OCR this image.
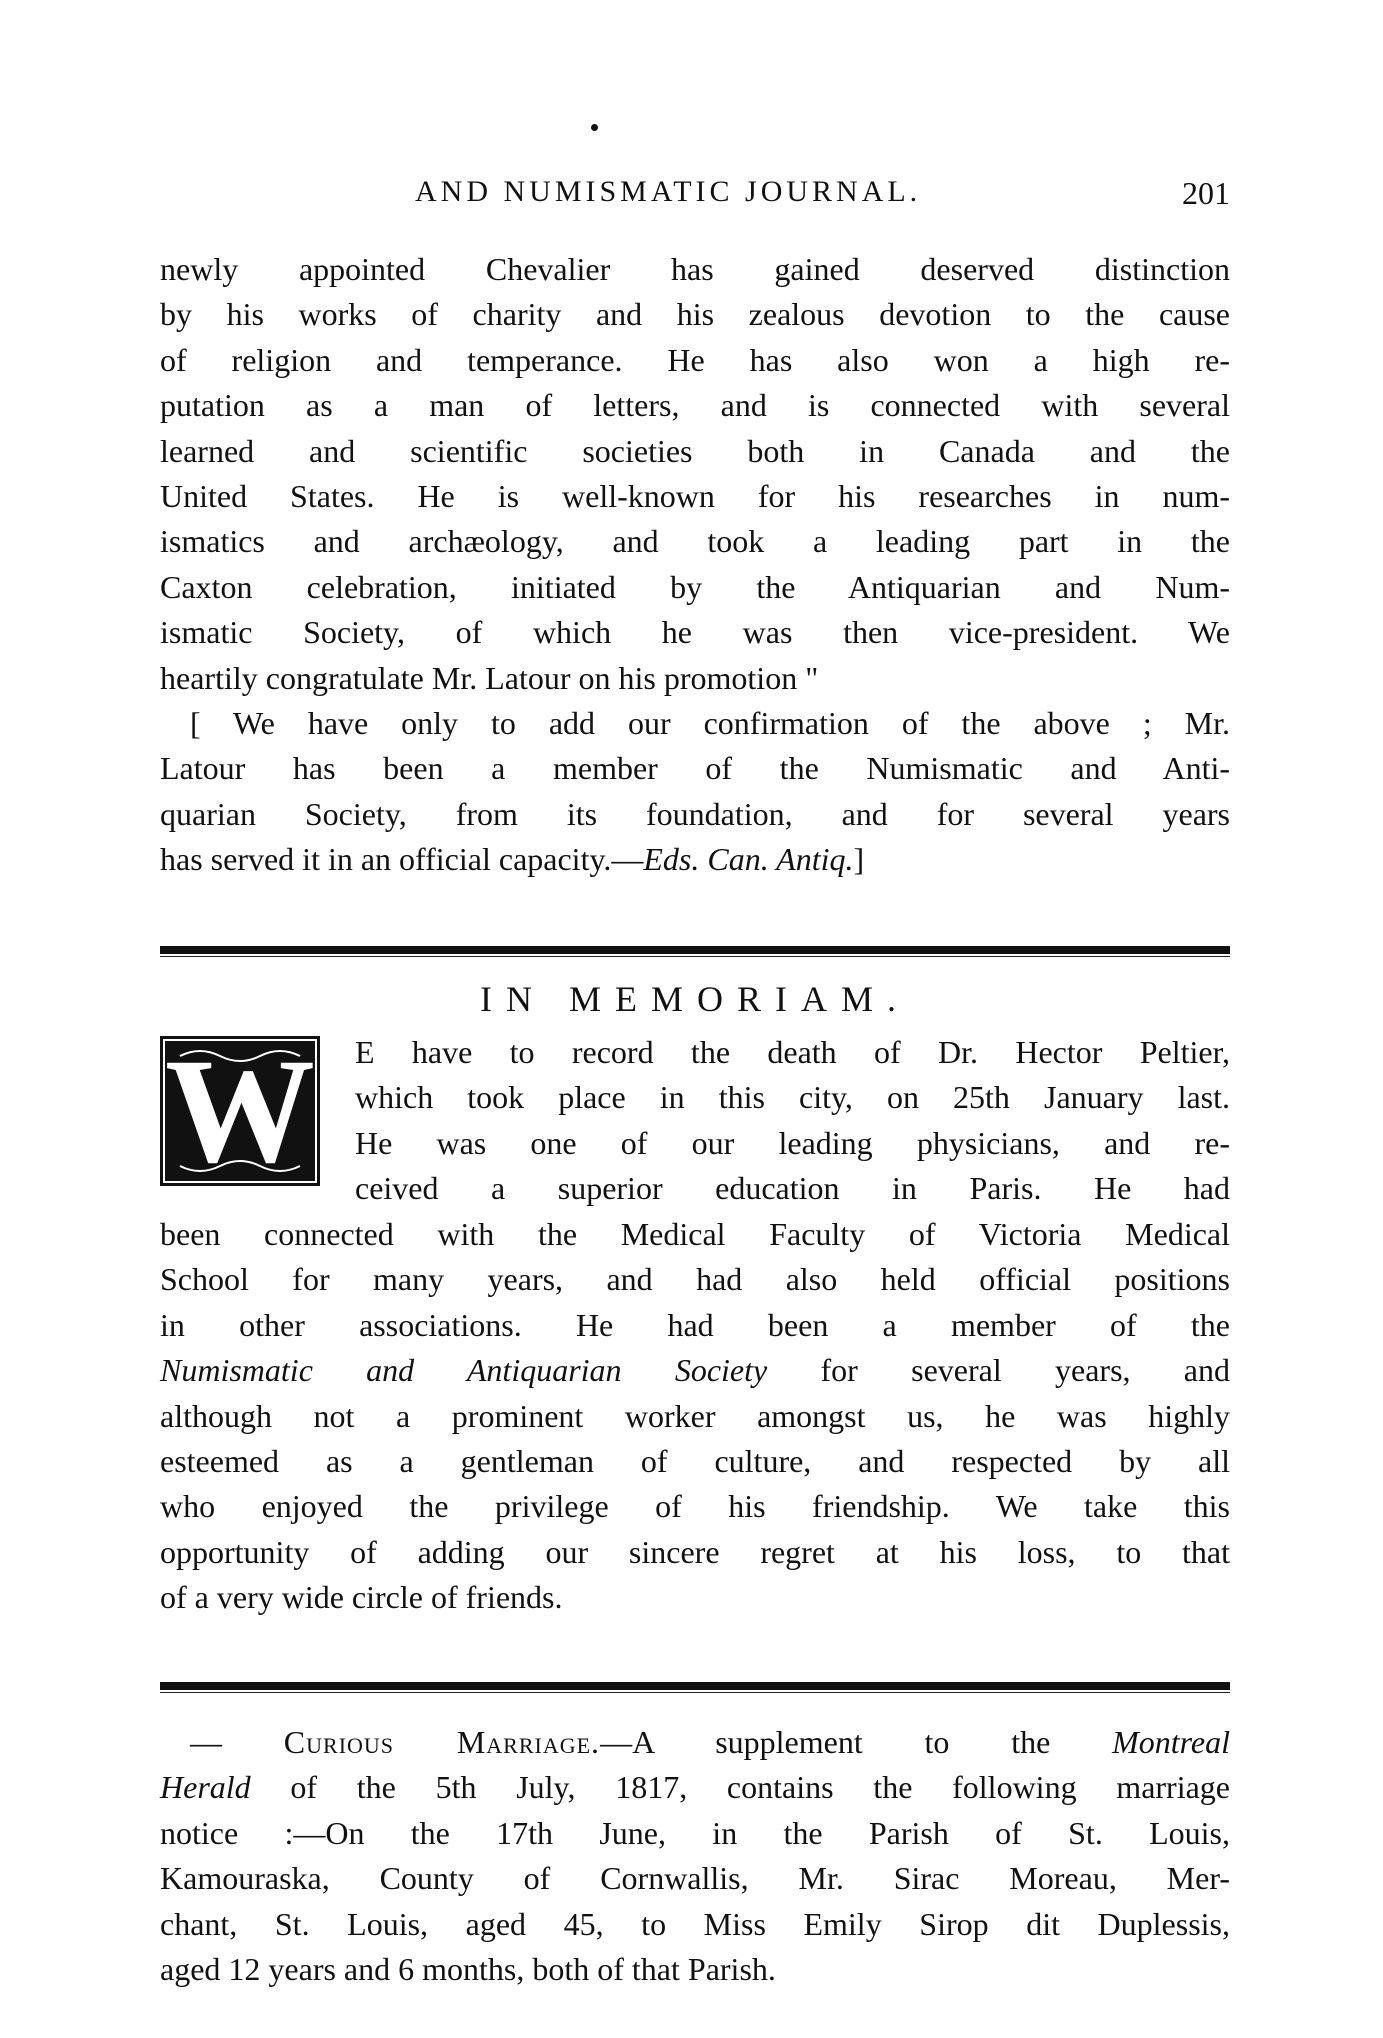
AND NUMISMATIC JOURNAL.	201
newly appointed Chevalier has gained deserved distinction
by his works of charity and his zealous devotion to the cause
of religion and temperance. He has also won a high re-
putation as a man of letters, and is connected with several
learned and scientific societies both in Canada and the
United States. He is well-known for his researches in num-
ismatics and archæology, and took a leading part in the
Caxton celebration, initiated by the Antiquarian and Num-
ismatic Society, of which he was then vice-president. We
heartily congratulate Mr. Latour on his promotion "
[ We have only to add our confirmation of the above ; Mr.
Latour has been a member of the Numismatic and Anti-
quarian Society, from its foundation, and for several years
has served it in an official capacity.—Eds. Can. Antiq.]
IN MEMORIAM.
W E have to record the death of Dr. Hector Peltier,
which took place in this city, on 25th January last.
He was one of our leading physicians, and re-
ceived a superior education in Paris. He had
been connected with the Medical Faculty of Victoria Medical
School for many years, and had also held official positions
in other associations. He had been a member of the
Numismatic and Antiquarian Society for several years, and
although not a prominent worker amongst us, he was highly
esteemed as a gentleman of culture, and respected by all
who enjoyed the privilege of his friendship. We take this
opportunity of adding our sincere regret at his loss, to that
of a very wide circle of friends.
— Curious Marriage.—A supplement to the Montreal
Herald of the 5th July, 1817, contains the following marriage
notice :—On the 17th June, in the Parish of St. Louis,
Kamouraska, County of Cornwallis, Mr. Sirac Moreau, Mer-
chant, St. Louis, aged 45, to Miss Emily Sirop dit Duplessis,
aged 12 years and 6 months, both of that Parish.
